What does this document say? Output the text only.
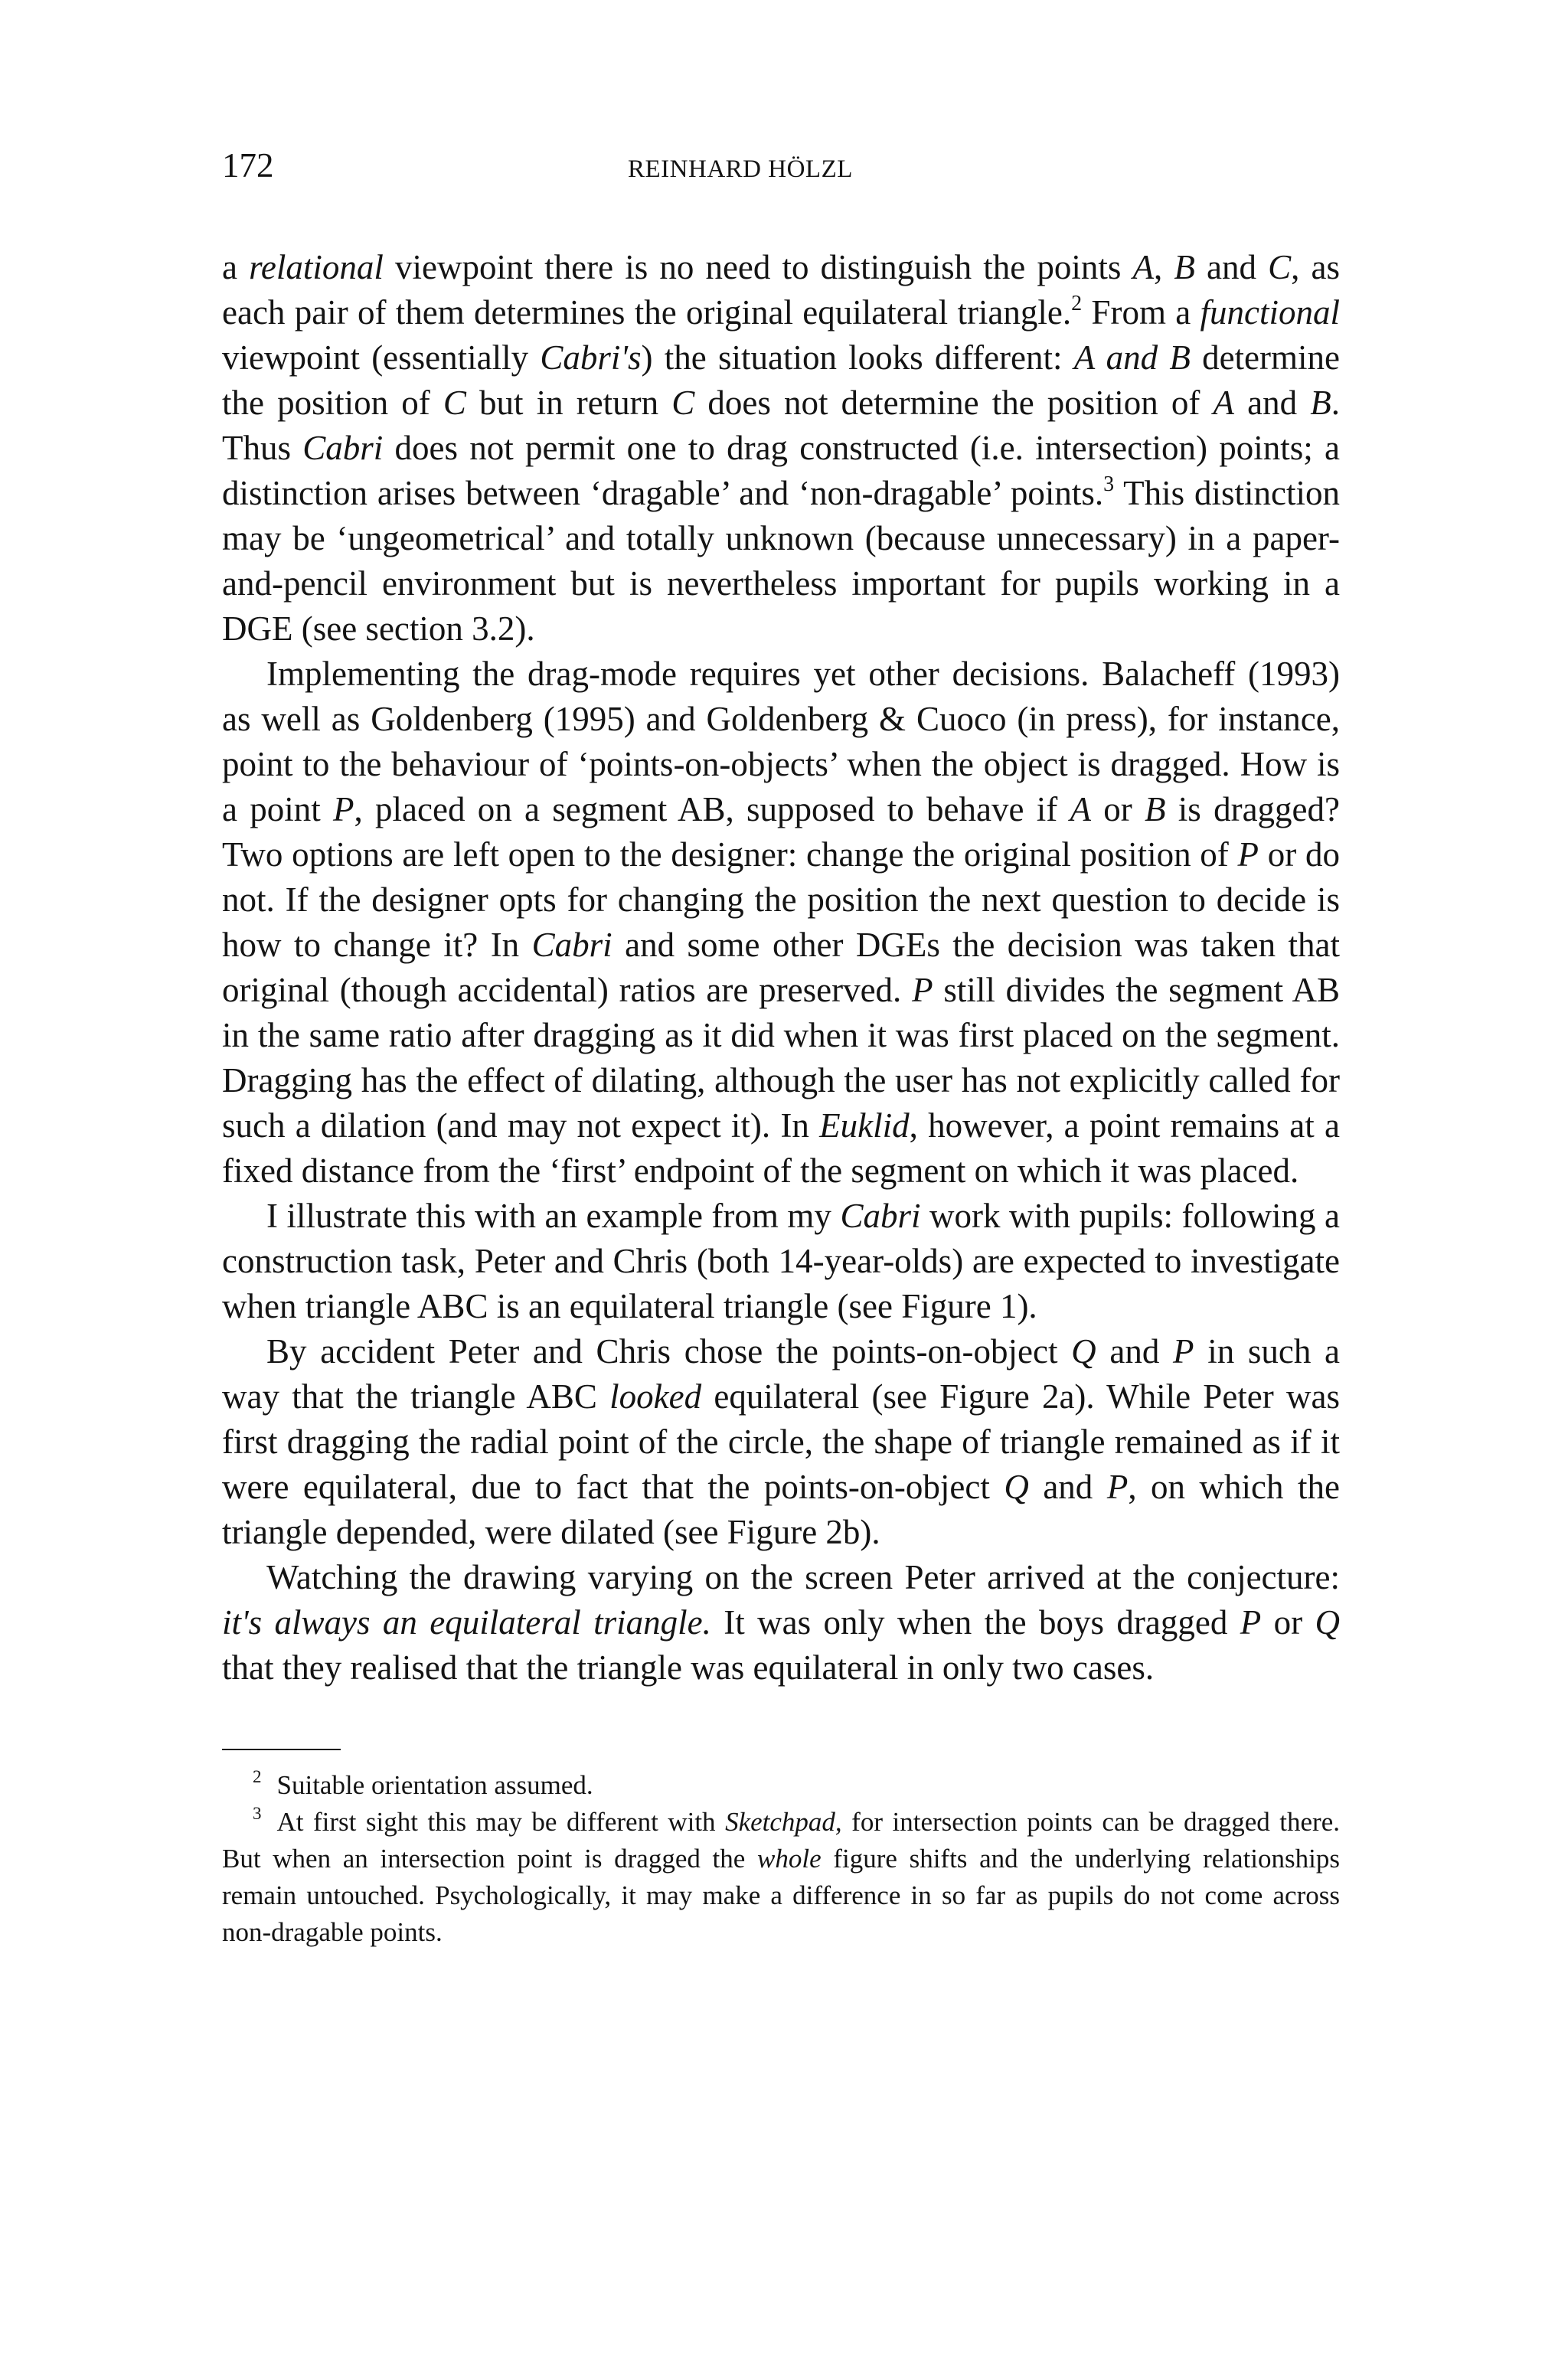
172	REINHARD HÖLZL

a relational viewpoint there is no need to distinguish the points A, B and C, as each pair of them determines the original equilateral triangle.$^2$ From a functional viewpoint (essentially Cabri's) the situation looks different: A and B determine the position of C but in return C does not determine the position of A and B. Thus Cabri does not permit one to drag constructed (i.e. intersection) points; a distinction arises between ‘dragable’ and ‘non-dragable’ points.$^3$ This distinction may be ‘ungeometrical’ and totally unknown (because unnecessary) in a paper-and-pencil environment but is nevertheless important for pupils working in a DGE (see section 3.2).

Implementing the drag-mode requires yet other decisions. Balacheff (1993) as well as Goldenberg (1995) and Goldenberg & Cuoco (in press), for instance, point to the behaviour of ‘points-on-objects’ when the object is dragged. How is a point P, placed on a segment AB, supposed to behave if A or B is dragged? Two options are left open to the designer: change the original position of P or do not. If the designer opts for changing the position the next question to decide is how to change it? In Cabri and some other DGEs the decision was taken that original (though accidental) ratios are preserved. P still divides the segment AB in the same ratio after dragging as it did when it was first placed on the segment. Dragging has the effect of dilating, although the user has not explicitly called for such a dilation (and may not expect it). In Euklid, however, a point remains at a fixed distance from the ‘first’ endpoint of the segment on which it was placed.

I illustrate this with an example from my Cabri work with pupils: following a construction task, Peter and Chris (both 14-year-olds) are expected to investigate when triangle ABC is an equilateral triangle (see Figure 1).

By accident Peter and Chris chose the points-on-object Q and P in such a way that the triangle ABC looked equilateral (see Figure 2a). While Peter was first dragging the radial point of the circle, the shape of triangle remained as if it were equilateral, due to fact that the points-on-object Q and P, on which the triangle depended, were dilated (see Figure 2b).

Watching the drawing varying on the screen Peter arrived at the conjecture: it's always an equilateral triangle. It was only when the boys dragged P or Q that they realised that the triangle was equilateral in only two cases.

$^2$ Suitable orientation assumed.

$^3$ At first sight this may be different with Sketchpad, for intersection points can be dragged there. But when an intersection point is dragged the whole figure shifts and the underlying relationships remain untouched. Psychologically, it may make a difference in so far as pupils do not come across non-dragable points.
